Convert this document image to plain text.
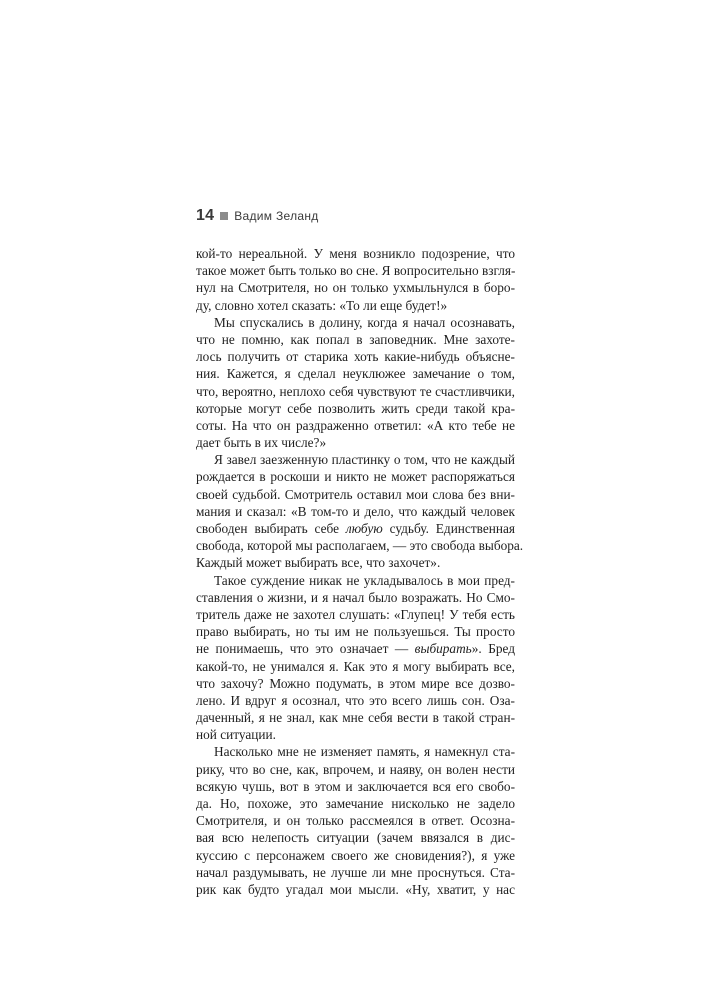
14 Вадим Зеланд
кой-то нереальной. У меня возникло подозрение, что
такое может быть только во сне. Я вопросительно взгля-
нул на Смотрителя, но он только ухмыльнулся в боро-
ду, словно хотел сказать: «То ли еще будет!»
Мы спускались в долину, когда я начал осознавать,
что не помню, как попал в заповедник. Мне захоте-
лось получить от старика хоть какие-нибудь объясне-
ния. Кажется, я сделал неуклюжее замечание о том,
что, вероятно, неплохо себя чувствуют те счастливчики,
которые могут себе позволить жить среди такой кра-
соты. На что он раздраженно ответил: «А кто тебе не
дает быть в их числе?»
Я завел заезженную пластинку о том, что не каждый
рождается в роскоши и никто не может распоряжаться
своей судьбой. Смотритель оставил мои слова без вни-
мания и сказал: «В том-то и дело, что каждый человек
свободен выбирать себе любую судьбу. Единственная
свобода, которой мы располагаем, — это свобода выбора.
Каждый может выбирать все, что захочет».
Такое суждение никак не укладывалось в мои пред-
ставления о жизни, и я начал было возражать. Но Смо-
тритель даже не захотел слушать: «Глупец! У тебя есть
право выбирать, но ты им не пользуешься. Ты просто
не понимаешь, что это означает — выбирать». Бред
какой-то, не унимался я. Как это я могу выбирать все,
что захочу? Можно подумать, в этом мире все дозво-
лено. И вдруг я осознал, что это всего лишь сон. Оза-
даченный, я не знал, как мне себя вести в такой стран-
ной ситуации.
Насколько мне не изменяет память, я намекнул ста-
рику, что во сне, как, впрочем, и наяву, он волен нести
всякую чушь, вот в этом и заключается вся его свобо-
да. Но, похоже, это замечание нисколько не задело
Смотрителя, и он только рассмеялся в ответ. Осозна-
вая всю нелепость ситуации (зачем ввязался в дис-
куссию с персонажем своего же сновидения?), я уже
начал раздумывать, не лучше ли мне проснуться. Ста-
рик как будто угадал мои мысли. «Ну, хватит, у нас
